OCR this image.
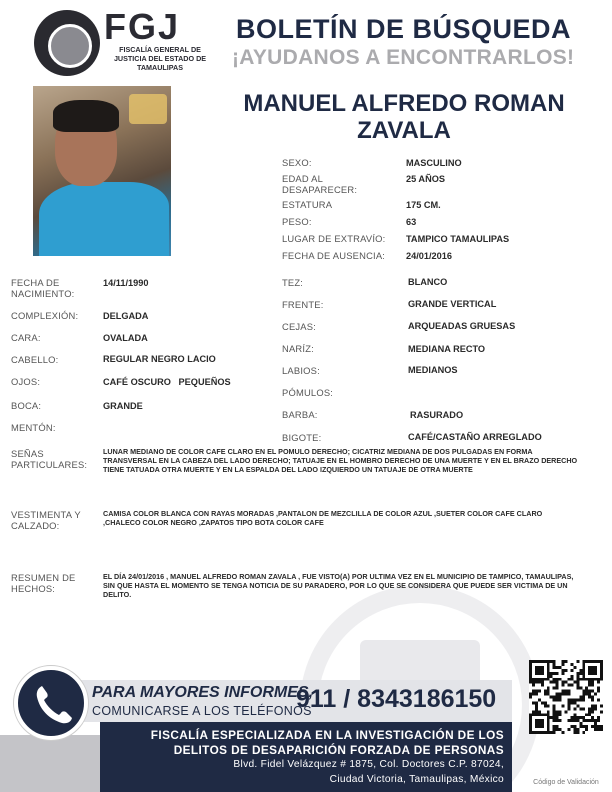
FGJ
FISCALÍA GENERAL DE JUSTICIA DEL ESTADO DE TAMAULIPAS
BOLETÍN DE BÚSQUEDA
¡AYUDANOS A ENCONTRARLOS!
MANUEL ALFREDO ROMAN
ZAVALA
SEXO:	MASCULINO
EDAD AL DESAPARECER:
25 AÑOS
ESTATURA	175 CM.
PESO:	63
LUGAR DE EXTRAVÍO: TAMPICO TAMAULIPAS
FECHA DE AUSENCIA: 24/01/2016
FECHA DE NACIMIENTO:
14/11/1990
COMPLEXIÓN:	DELGADA
CARA:	OVALADA
CABELLO:	REGULAR NEGRO LACIO
OJOS:	CAFÉ OSCURO   PEQUEÑOS
BOCA:	GRANDE
MENTÓN:
TEZ:	BLANCO
FRENTE:	GRANDE VERTICAL
CEJAS:	ARQUEADAS GRUESAS
NARÍZ:	MEDIANA RECTO
LABIOS:	MEDIANOS
PÓMULOS:
BARBA:	RASURADO
BIGOTE:	CAFÉ/CASTAÑO ARREGLADO
SEÑAS PARTICULARES:
LUNAR MEDIANO DE COLOR CAFE CLARO EN EL POMULO DERECHO; CICATRIZ MEDIANA DE DOS PULGADAS EN FORMA TRANSVERSAL EN LA CABEZA DEL LADO DERECHO; TATUAJE EN EL HOMBRO DERECHO DE UNA MUERTE Y EN EL BRAZO DERECHO TIENE TATUADA OTRA MUERTE Y EN LA ESPALDA DEL LADO IZQUIERDO UN TATUAJE DE OTRA MUERTE
VESTIMENTA Y CALZADO:
CAMISA COLOR BLANCA CON RAYAS MORADAS ,PANTALON DE MEZCLILLA DE COLOR AZUL ,SUETER COLOR CAFE CLARO ,CHALECO COLOR NEGRO ,ZAPATOS TIPO BOTA COLOR CAFE
RESUMEN DE HECHOS:
EL DÍA 24/01/2016 , MANUEL ALFREDO ROMAN ZAVALA , FUE VISTO(A) POR ULTIMA VEZ EN EL MUNICIPIO DE TAMPICO, TAMAULIPAS, SIN QUE HASTA EL MOMENTO SE TENGA NOTICIA DE SU PARADERO, POR LO QUE SE CONSIDERA QUE PUEDE SER VICTIMA DE UN DELITO.
PARA MAYORES INFORMES,
COMUNICARSE A LOS TELÉFONOS
911 / 8343186150
FISCALÍA ESPECIALIZADA EN LA INVESTIGACIÓN DE LOS
DELITOS DE DESAPARICIÓN FORZADA DE PERSONAS
Blvd. Fidel Velázquez # 1875, Col. Doctores C.P. 87024,
Ciudad Victoria, Tamaulipas, México	Código de Validación
